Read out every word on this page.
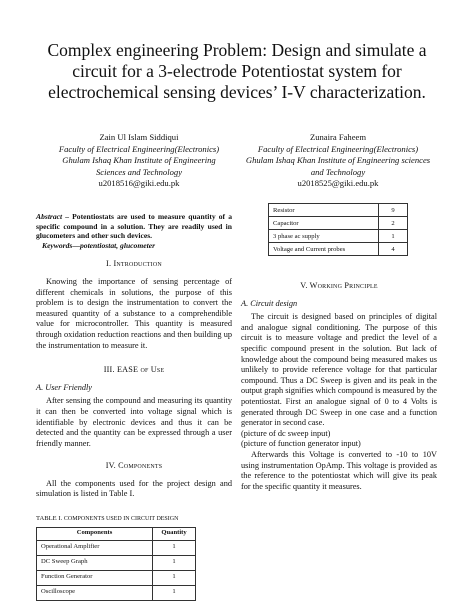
Complex engineering Problem: Design and simulate a circuit for a 3-electrode Potentiostat system for electrochemical sensing devices’ I-V characterization.
Zain Ul Islam Siddiqui
Faculty of Electrical Engineering(Electronics)
Ghulam Ishaq Khan Institute of Engineering Sciences and Technology
u2018516@giki.edu.pk
Zunaira Faheem
Faculty of Electrical Engineering(Electronics)
Ghulam Ishaq Khan Institute of Engineering sciences and Technology
u2018525@giki.edu.pk

Abstract – Potentiostats are used to measure quantity of a specific compound in a solution. They are readily used in glucometers and other such devices.

Keywords—potentiostat, glucometer

I. Introduction

Knowing the importance of sensing percentage of different chemicals in solutions, the purpose of this problem is to design the instrumentation to convert the measured quantity of a substance to a comprehendible value for microcontroller. This quantity is measured through oxidation reduction reactions and then building up the instrumentation to measure it.

III. EASE of Use
A. User Friendly

After sensing the compound and measuring its quantity it can then be converted into voltage signal which is identifiable by electronic devices and thus it can be detected and the quantity can be expressed through a user friendly manner.

IV. Components

All the components used for the project design and simulation is listed in Table I.

TABLE I. COMPONENTS USED IN CIRCUIT DESIGN
Components	Quantity
Operational Amplifier	1
DC Sweep Graph	1
Function Generator	1
Oscilloscope	1
Resistor	9
Capacitor	2
3 phase ac supply	1
Voltage and Current probes	4
V. Working Principle
A. Circuit design

The circuit is designed based on principles of digital and analogue signal conditioning. The purpose of this circuit is to measure voltage and predict the level of a specific compound present in the solution. But lack of knowledge about the compound being measured makes us unlikely to provide reference voltage for that particular compound. Thus a DC Sweep is given and its peak in the output graph signifies which compound is measured by the potentiostat. First an analogue signal of 0 to 4 Volts is generated through DC Sweep in one case and a function generator in second case.

(picture of dc sweep input)

(picture of function generator input)

Afterwards this Voltage is converted to -10 to 10V using instrumentation OpAmp. This voltage is provided as the reference to the potentiostat which will give its peak for the specific quantity it measures.
